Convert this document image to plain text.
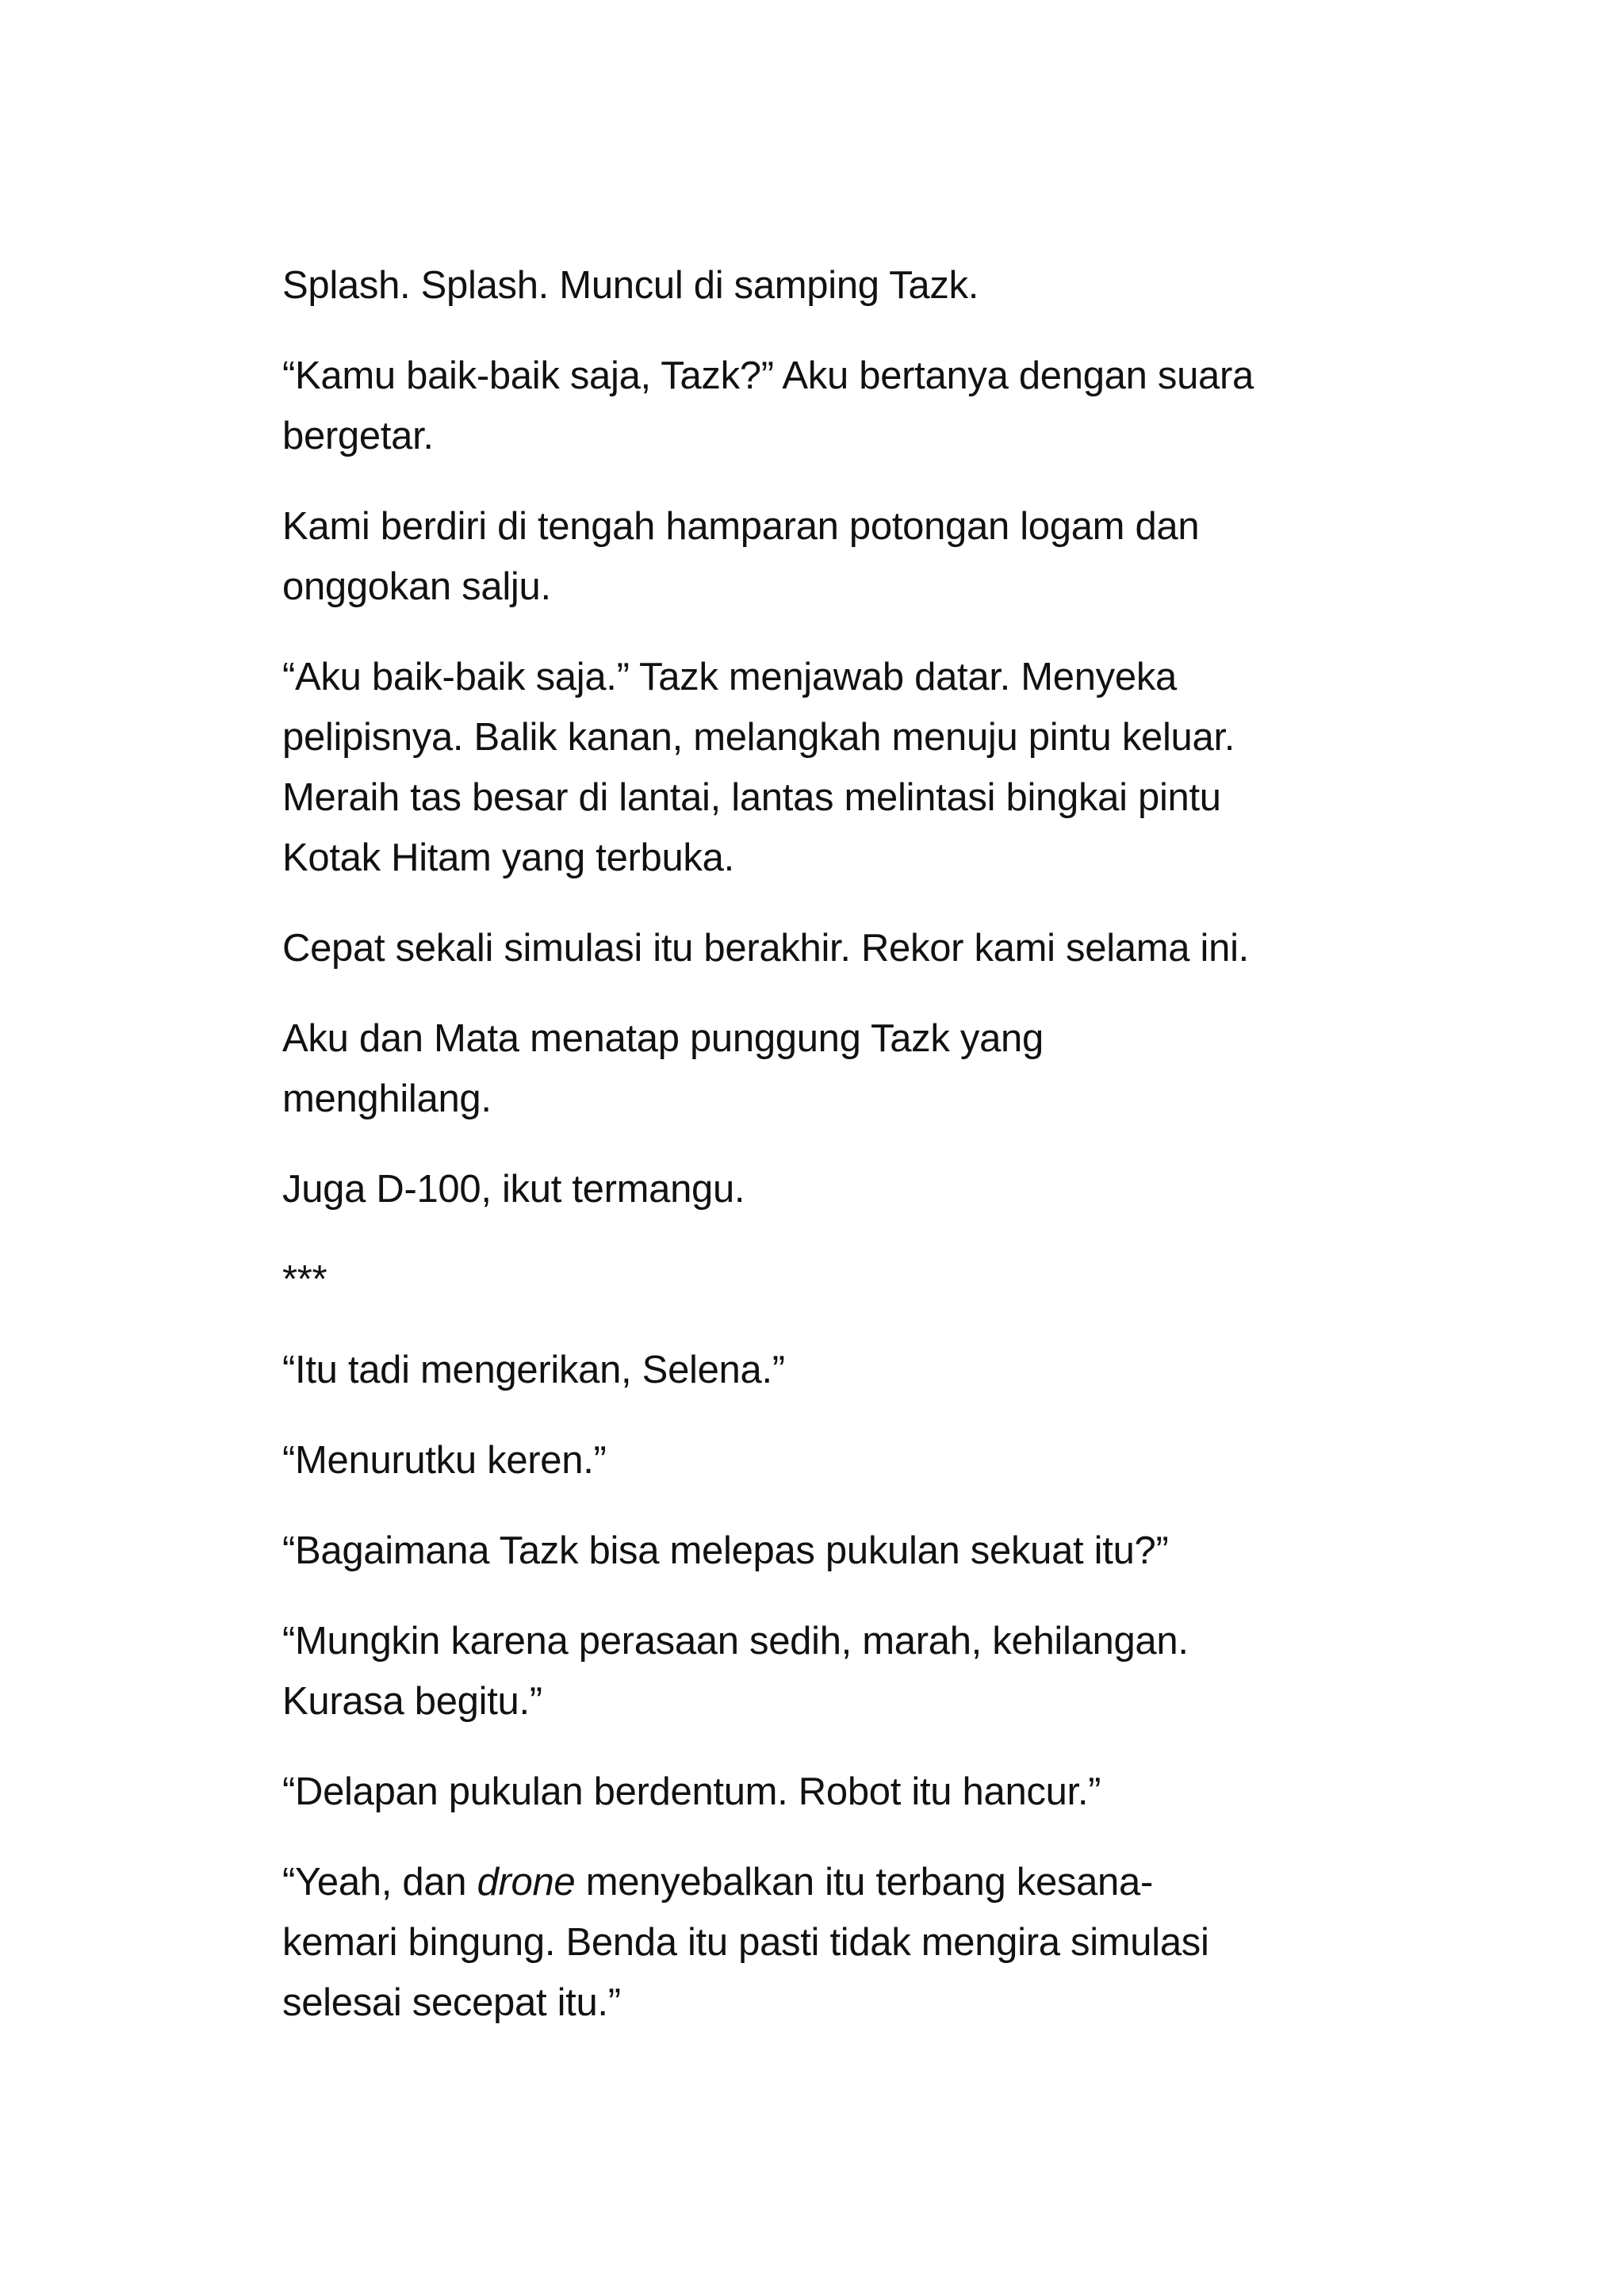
Splash. Splash. Muncul di samping Tazk.

“Kamu baik-baik saja, Tazk?” Aku bertanya dengan suara
bergetar.

Kami berdiri di tengah hamparan potongan logam dan
onggokan salju.

“Aku baik-baik saja.” Tazk menjawab datar. Menyeka
pelipisnya. Balik kanan, melangkah menuju pintu keluar.
Meraih tas besar di lantai, lantas melintasi bingkai pintu
Kotak Hitam yang terbuka.

Cepat sekali simulasi itu berakhir. Rekor kami selama ini.

Aku dan Mata menatap punggung Tazk yang
menghilang.

Juga D-100, ikut termangu.

***

“Itu tadi mengerikan, Selena.”

“Menurutku keren.”

“Bagaimana Tazk bisa melepas pukulan sekuat itu?”

“Mungkin karena perasaan sedih, marah, kehilangan.
Kurasa begitu.”

“Delapan pukulan berdentum. Robot itu hancur.”

“Yeah, dan drone menyebalkan itu terbang kesana-
kemari bingung. Benda itu pasti tidak mengira simulasi
selesai secepat itu.”
